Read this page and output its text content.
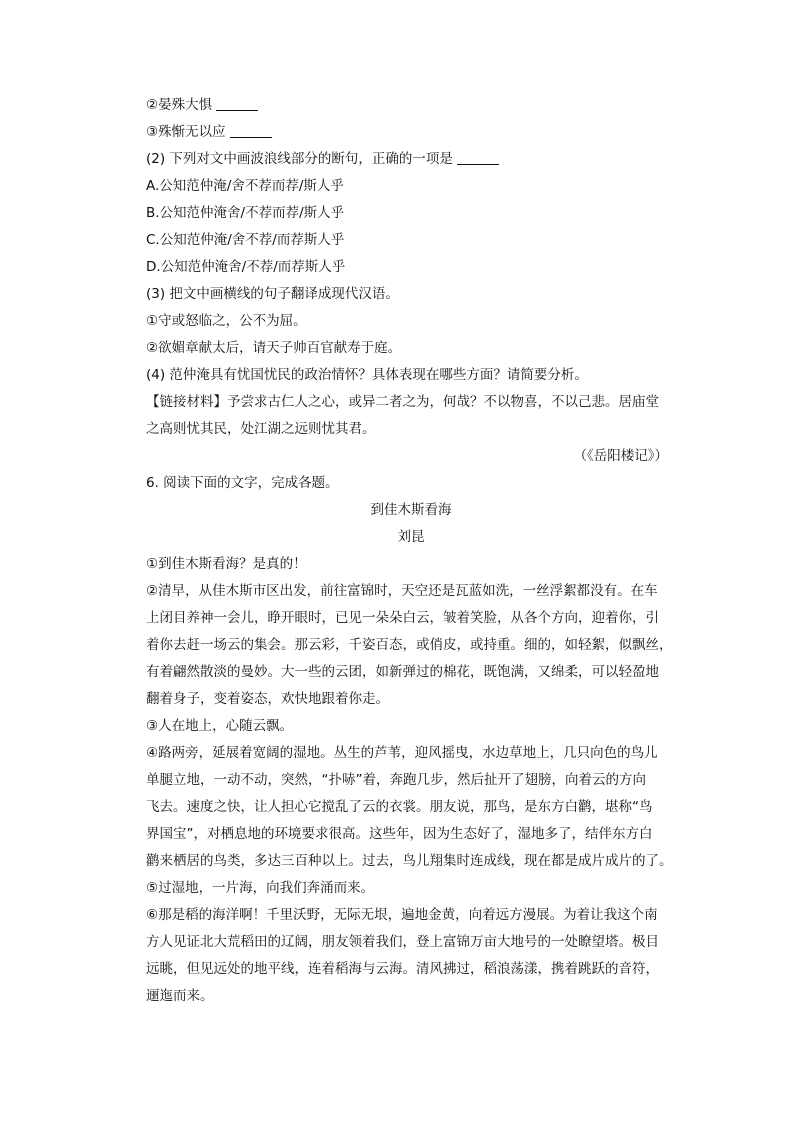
②晏殊大惧
③殊惭无以应
(2) 下列对文中画波浪线部分的断句，正确的一项是
A.公知范仲淹/舍不荐而荐/斯人乎
B.公知范仲淹舍/不荐而荐/斯人乎
C.公知范仲淹/舍不荐/而荐斯人乎
D.公知范仲淹舍/不荐/而荐斯人乎
(3) 把文中画横线的句子翻译成现代汉语。
①守或怒临之，公不为屈。
②欲媚章献太后，请天子帅百官献寿于庭。
(4) 范仲淹具有忧国忧民的政治情怀？具体表现在哪些方面？请简要分析。
【链接材料】予尝求古仁人之心，或异二者之为，何哉？不以物喜，不以己悲。居庙堂
之高则忧其民，处江湖之远则忧其君。
（《岳阳楼记》）
6. 阅读下面的文字，完成各题。
到佳木斯看海
刘昆
①到佳木斯看海？是真的！
②清早，从佳木斯市区出发，前往富锦时，天空还是瓦蓝如洗，一丝浮絮都没有。在车
上闭目养神一会儿，睁开眼时，已见一朵朵白云，皱着笑脸，从各个方向，迎着你，引
着你去赶一场云的集会。那云彩，千姿百态，或俏皮，或持重。细的，如轻絮，似飘丝，
有着翩然散淡的曼妙。大一些的云团，如新弹过的棉花，既饱满，又绵柔，可以轻盈地
翻着身子，变着姿态，欢快地跟着你走。
③人在地上，心随云飘。
④路两旁，延展着宽阔的湿地。丛生的芦苇，迎风摇曳，水边草地上，几只向色的鸟儿
单腿立地，一动不动，突然，“扑哧”着，奔跑几步，然后扯开了翅膀，向着云的方向
飞去。速度之快，让人担心它搅乱了云的衣裳。朋友说，那鸟，是东方白鹳，堪称“鸟
界国宝”，对栖息地的环境要求很高。这些年，因为生态好了，湿地多了，结伴东方白
鹳来栖居的鸟类，多达三百种以上。过去，鸟儿翔集时连成线，现在都是成片成片的了。
⑤过湿地，一片海，向我们奔涌而来。
⑥那是稻的海洋啊！千里沃野，无际无垠，遍地金黄，向着远方漫展。为着让我这个南
方人见证北大荒稻田的辽阔，朋友领着我们，登上富锦万亩大地号的一处瞭望塔。极目
远眺，但见远处的地平线，连着稻海与云海。清风拂过，稻浪荡漾，携着跳跃的音符，
逦迤而来。
